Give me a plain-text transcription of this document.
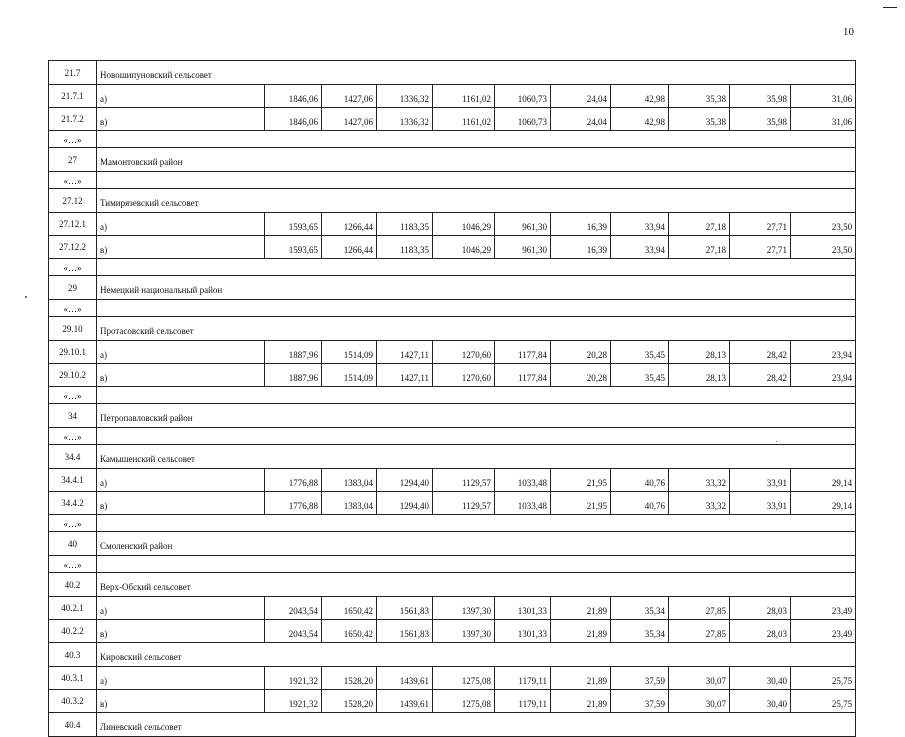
10
21.7	Новошипуновский сельсовет											
21.7.1	а)	1846,06	1427,06	1336,32	1161,02	1060,73	24,04	42,98	35,38	35,98	31,06	
21.7.2	в)	1846,06	1427,06	1336,32	1161,02	1060,73	24,04	42,98	35,38	35,98	31,06	
«…»												
27	Мамонтовский район											
«…»												
27.12	Тимирязевский сельсовет											
27.12.1	а)	1593,65	1266,44	1183,35	1046,29	961,30	16,39	33,94	27,18	27,71	23,50	
27.12.2	в)	1593,65	1266,44	1183,35	1046,29	961,30	16,39	33,94	27,18	27,71	23,50	
«…»												
29	Немецкий национальный район											
«…»												
29.10	Протасовский сельсовет											
29.10.1	а)	1887,96	1514,09	1427,11	1270,60	1177,84	20,28	35,45	28,13	28,42	23,94	
29.10.2	в)	1887,96	1514,09	1427,11	1270,60	1177,84	20,28	35,45	28,13	28,42	23,94	
«…»												
34	Петропавловский район											
«…»												
34.4	Камышенский сельсовет											
34.4.1	а)	1776,88	1383,04	1294,40	1129,57	1033,48	21,95	40,76	33,32	33,91	29,14	
34.4.2	в)	1776,88	1383,04	1294,40	1129,57	1033,48	21,95	40,76	33,32	33,91	29,14	
«…»												
40	Смоленский район											
«…»												
40.2	Верх-Обский сельсовет											
40.2.1	а)	2043,54	1650,42	1561,83	1397,30	1301,33	21,89	35,34	27,85	28,03	23,49	
40.2.2	в)	2043,54	1650,42	1561,83	1397,30	1301,33	21,89	35,34	27,85	28,03	23,49	
40.3	Кировский сельсовет											
40.3.1	а)	1921,32	1528,20	1439,61	1275,08	1179,11	21,89	37,59	30,07	30,40	25,75	
40.3.2	в)	1921,32	1528,20	1439,61	1275,08	1179,11	21,89	37,59	30,07	30,40	25,75	
40.4	Линевский сельсовет											
